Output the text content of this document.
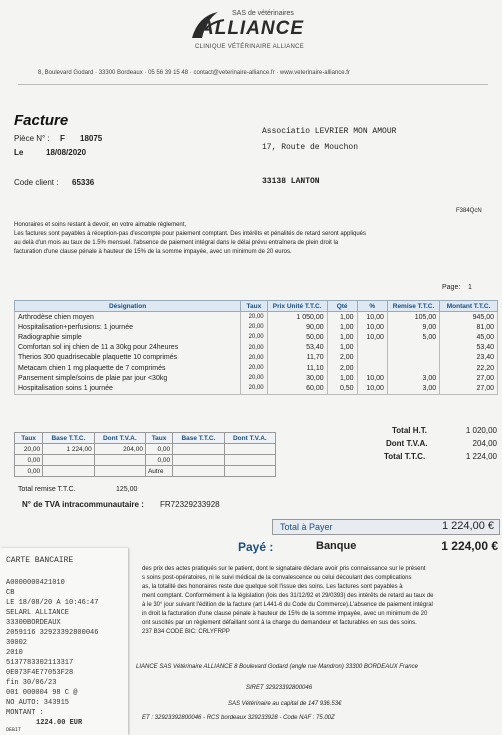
SAS de vétérinaires
ALLIANCE
CLINIQUE VÉTÉRINAIRE ALLIANCE
8, Boulevard Godard · 33300 Bordeaux · 05 56 39 15 48 · contact@veterinaire-alliance.fr · www.veterinaire-alliance.fr
Facture
Pièce N° : F 18075
Le	18/08/2020
Code client : 65336
Associatio LEVRIER MON AMOUR
17, Route de Mouchon
33138 LANTON
F384QcN
Honoraires et soins restant à devoir, en votre aimable règlement,
Les factures sont payables à réception-pas d'escompte pour paiement comptant. Des intérêts et pénalités de retard seront appliqués
au delà d'un mois au taux de 1.5% mensuel. l'absence de paiement intégral dans le délai prévu entraînera de plein droit la
facturation d'une clause pénale à hauteur de 15% de la somme impayée, avec un minimum de 20 euros.
Page: 1
Désignation	Taux	Prix Unité T.T.C.	Qté	%	Remise T.T.C.	Montant T.T.C.
Arthrodèse chien moyen	20,00	1 050,00	1,00	10,00	105,00	945,00
Hospitalisation+perfusions: 1 journée	20,00	90,00	1,00	10,00	9,00	81,00
Radiographie simple	20,00	50,00	1,00	10,00	5,00	45,00
Comfortan sol inj chien de 11 a 30kg pour 24heures	20,00	53,40	1,00			53,40
Therios 300 quadrisecable plaquette 10 comprimés	20,00	11,70	2,00			23,40
Metacam chien 1 mg plaquette de 7 comprimés	20,00	11,10	2,00			22,20
Pansement simple/soins de plaie par jour <30kg	20,00	30,00	1,00	10,00	3,00	27,00
Hospitalisation soins 1 journée	20,00	60,00	0,50	10,00	3,00	27,00
Taux	Base T.T.C.	Dont T.V.A.	Taux	Base T.T.C.	Dont T.V.A.
20,00	1 224,00	204,00	0,00		
0,00			0,00		
0,00			Autre		
Total remise T.T.C.	125,00
Total H.T.	1 020,00
Dont T.V.A.	204,00
Total T.T.C.	1 224,00
N° de TVA intracommunautaire : FR72329233928
Total à Payer	1 224,00 €
Payé :	Banque	1 224,00 €
des prix des actes pratiqués sur le patient, dont le signataire déclare avoir pris connaissance sur le présent
s soins post-opératoires, ni le suivi médical de la convalescence ou celui découlant des complications
as, la totalité des honoraires reste due quelque soit l'issue des soins. Les factures sont payables à
ment comptant. Conformément à la législation (lois des 31/12/92 et 29/0393) des intérêts de retard au taux de
à le 30° jour suivant l'édition de la facture (art L441-6 du Code du Commerce).L'absence de paiement intégral
in droit la facturation d'une clause pénale à hauteur de 15% de la somme impayée, avec un minimum de 20
ont suscités par un règlement défaillant sont à la charge du demandeur et facturables en sus des soins.
237 B34 CODE BIC: CRLYFRPP
LIANCE SAS Vétérinaire ALLIANCE 8 Boulevard Godard (angle rue Mandron) 33300 BORDEAUX France
SIRET 32923392800046
SAS Vétérinaire au capital de 147 936.53€
ET : 32923392800046 - RCS bordeaux 329233928 - Code NAF : 75.00Z
CARTE BANCAIRE
A0000000421010
CB
LE 18/08/20 A 10:46:47
SELARL ALLIANCE
33300BORDEAUX
2059116 32923392800046
30002
2010
5137783302113317
0E073F4E77053F28
fin 30/06/23
001 000004 98 C @
NO AUTO: 343915
MONTANT :
1224.00 EUR
DEBIT
